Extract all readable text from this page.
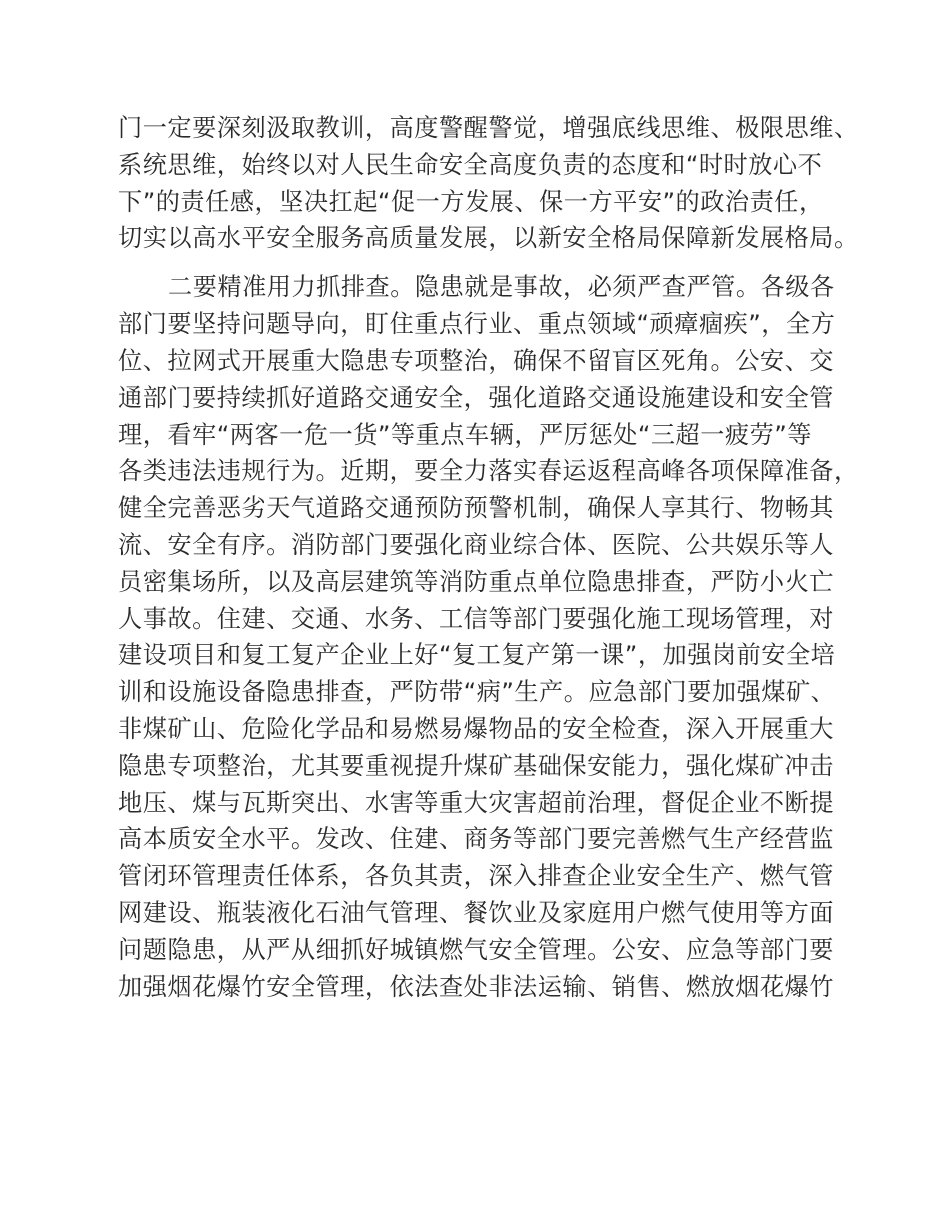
门一定要深刻汲取教训，高度警醒警觉，增强底线思维、极限思维、
系统思维，始终以对人民生命安全高度负责的态度和“时时放心不
下”的责任感，坚决扛起“促一方发展、保一方平安”的政治责任，
切实以高水平安全服务高质量发展，以新安全格局保障新发展格局。
二要精准用力抓排查。隐患就是事故，必须严查严管。各级各
部门要坚持问题导向，盯住重点行业、重点领域“顽瘴痼疾”，全方
位、拉网式开展重大隐患专项整治，确保不留盲区死角。公安、交
通部门要持续抓好道路交通安全，强化道路交通设施建设和安全管
理，看牢“两客一危一货”等重点车辆，严厉惩处“三超一疲劳”等
各类违法违规行为。近期，要全力落实春运返程高峰各项保障准备，
健全完善恶劣天气道路交通预防预警机制，确保人享其行、物畅其
流、安全有序。消防部门要强化商业综合体、医院、公共娱乐等人
员密集场所，以及高层建筑等消防重点单位隐患排查，严防小火亡
人事故。住建、交通、水务、工信等部门要强化施工现场管理，对
建设项目和复工复产企业上好“复工复产第一课”，加强岗前安全培
训和设施设备隐患排查，严防带“病”生产。应急部门要加强煤矿、
非煤矿山、危险化学品和易燃易爆物品的安全检查，深入开展重大
隐患专项整治，尤其要重视提升煤矿基础保安能力，强化煤矿冲击
地压、煤与瓦斯突出、水害等重大灾害超前治理，督促企业不断提
高本质安全水平。发改、住建、商务等部门要完善燃气生产经营监
管闭环管理责任体系，各负其责，深入排查企业安全生产、燃气管
网建设、瓶装液化石油气管理、餐饮业及家庭用户燃气使用等方面
问题隐患，从严从细抓好城镇燃气安全管理。公安、应急等部门要
加强烟花爆竹安全管理，依法查处非法运输、销售、燃放烟花爆竹
